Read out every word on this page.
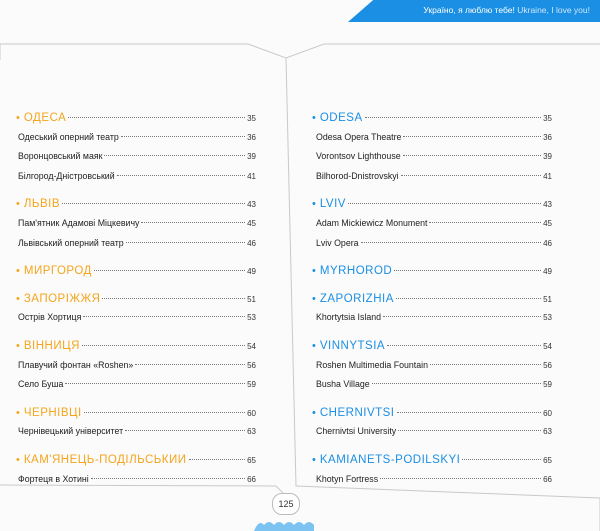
Україно, я люблю тебе! Ukraine, I love you!
• ОДЕСА	35
Одеський оперний театр	36
Воронцовський маяк	39
Білгород-Дністровський	41
• ЛЬВІВ	43
Пам'ятник Адамові Міцкевичу	45
Львівський оперний театр	46
• МИРГОРОД	49
• ЗАПОРІЖЖЯ	51
Острів Хортиця	53
• ВІННИЦЯ	54
Плавучий фонтан «Roshen»	56
Село Буша	59
• ЧЕРНІВЦІ	60
Чернівецький університет	63
• КАМ'ЯНЕЦЬ-ПОДІЛЬСЬКИЙ	65
Фортеця в Хотині	66
• ODESA	35
Odesa Opera Theatre	36
Vorontsov Lighthouse	39
Bilhorod-Dnistrovskyi	41
• LVIV	43
Adam Mickiewicz Monument	45
Lviv Opera	46
• MYRHOROD	49
• ZAPORIZHIA	51
Khortytsia Island	53
• VINNYTSIA	54
Roshen Multimedia Fountain	56
Busha Village	59
• CHERNIVTSI	60
Chernivtsi University	63
• KAMIANETS-PODILSKYI	65
Khotyn Fortress	66
125
